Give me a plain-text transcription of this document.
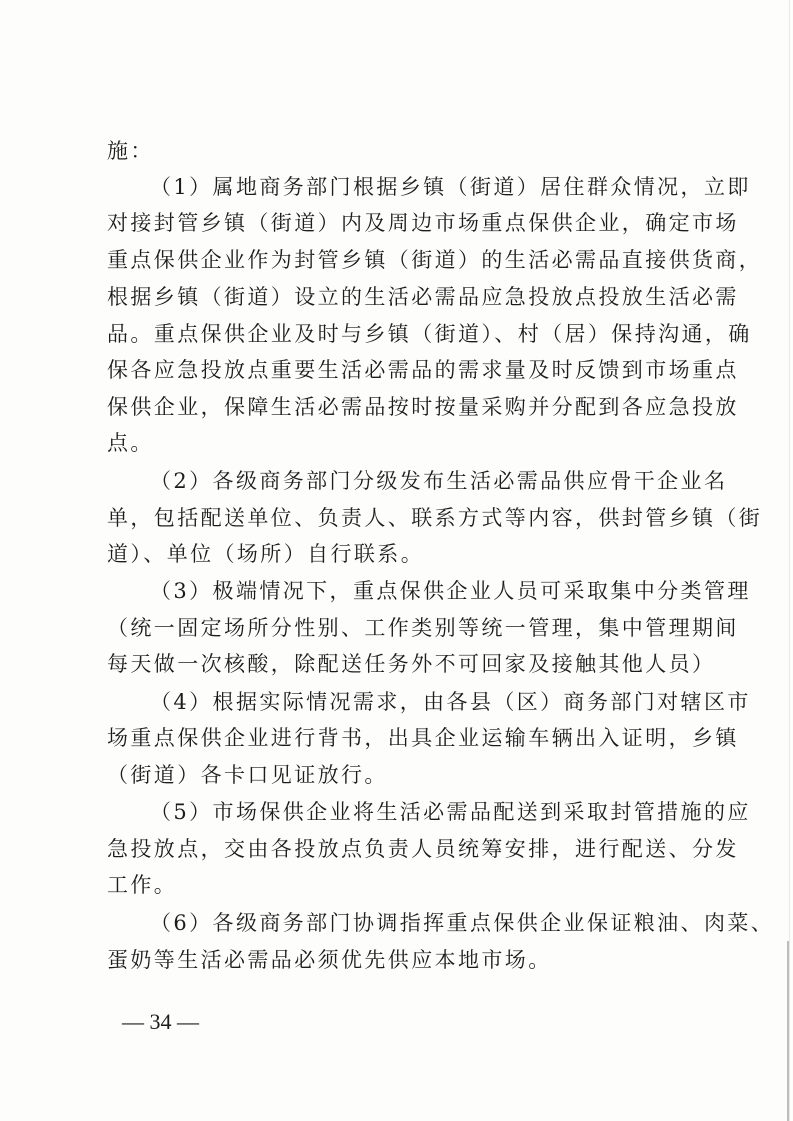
施：

（1）属地商务部门根据乡镇（街道）居住群众情况，立即

对接封管乡镇（街道）内及周边市场重点保供企业，确定市场

重点保供企业作为封管乡镇（街道）的生活必需品直接供货商，

根据乡镇（街道）设立的生活必需品应急投放点投放生活必需

品。重点保供企业及时与乡镇（街道）、村（居）保持沟通，确

保各应急投放点重要生活必需品的需求量及时反馈到市场重点

保供企业，保障生活必需品按时按量采购并分配到各应急投放

点。

（2）各级商务部门分级发布生活必需品供应骨干企业名

单，包括配送单位、负责人、联系方式等内容，供封管乡镇（街

道）、单位（场所）自行联系。

（3）极端情况下，重点保供企业人员可采取集中分类管理

（统一固定场所分性别、工作类别等统一管理，集中管理期间

每天做一次核酸，除配送任务外不可回家及接触其他人员）

（4）根据实际情况需求，由各县（区）商务部门对辖区市

场重点保供企业进行背书，出具企业运输车辆出入证明，乡镇

（街道）各卡口见证放行。

（5）市场保供企业将生活必需品配送到采取封管措施的应

急投放点，交由各投放点负责人员统筹安排，进行配送、分发

工作。

（6）各级商务部门协调指挥重点保供企业保证粮油、肉菜、

蛋奶等生活必需品必须优先供应本地市场。

— 34 —
